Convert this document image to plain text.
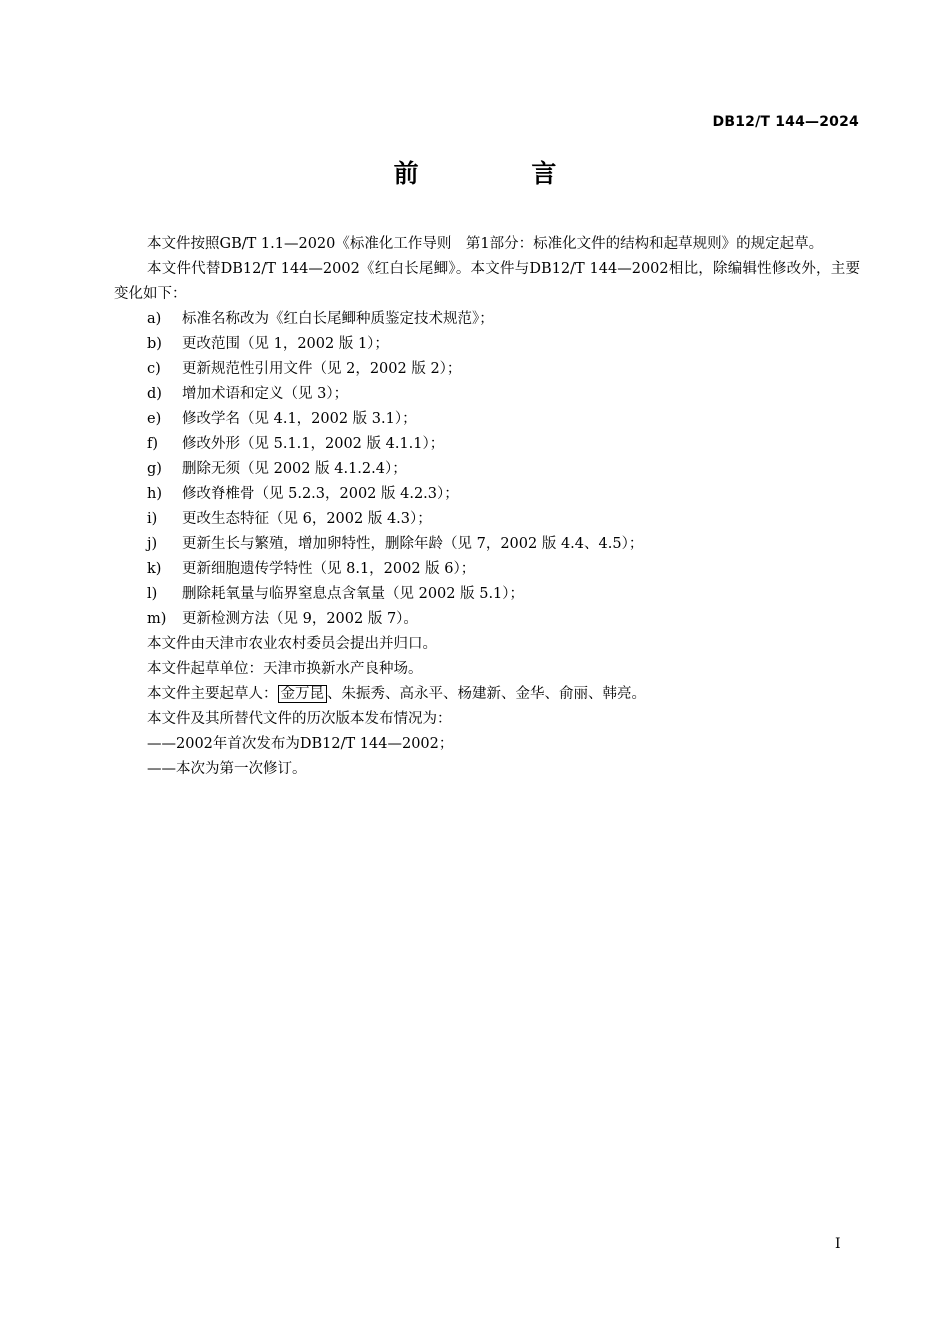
DB12/T 144—2024
前 言

本文件按照GB/T 1.1—2020《标准化工作导则　第1部分：标准化文件的结构和起草规则》的规定起草。

本文件代替DB12/T 144—2002《红白长尾鲫》。本文件与DB12/T 144—2002相比，除编辑性修改外，主要变化如下：

a) 标准名称改为《红白长尾鲫种质鉴定技术规范》；
b) 更改范围（见 1，2002 版 1）；
c) 更新规范性引用文件（见 2，2002 版 2）；
d) 增加术语和定义（见 3）；
e) 修改学名（见 4.1，2002 版 3.1）；
f) 修改外形（见 5.1.1，2002 版 4.1.1）；
g) 删除无须（见 2002 版 4.1.2.4）；
h) 修改脊椎骨（见 5.2.3，2002 版 4.2.3）；
i) 更改生态特征（见 6，2002 版 4.3）；
j) 更新生长与繁殖，增加卵特性，删除年龄（见 7，2002 版 4.4、4.5）；
k) 更新细胞遗传学特性（见 8.1，2002 版 6）；
l) 删除耗氧量与临界窒息点含氧量（见 2002 版 5.1）；
m) 更新检测方法（见 9，2002 版 7）。

本文件由天津市农业农村委员会提出并归口。

本文件起草单位：天津市换新水产良种场。

本文件主要起草人： 金万昆 、朱振秀、高永平、杨建新、金华、俞丽、韩亮。

本文件及其所替代文件的历次版本发布情况为：

——2002年首次发布为DB12/T 144—2002；

——本次为第一次修订。

I
